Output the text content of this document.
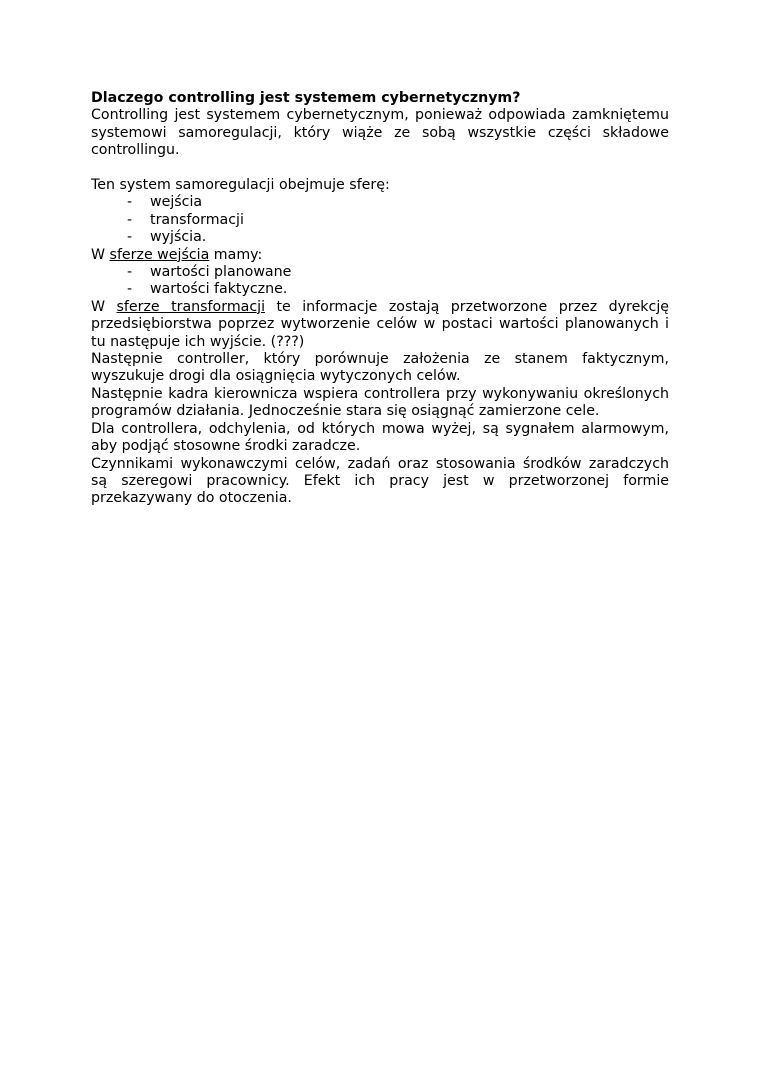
Dlaczego controlling jest systemem cybernetycznym?

Controlling jest systemem cybernetycznym, ponieważ odpowiada zamkniętemu systemowi samoregulacji, który wiąże ze sobą wszystkie części składowe controllingu.

Ten system samoregulacji obejmuje sferę:

- wejścia
- transformacji
- wyjścia.

W sferze wejścia mamy:

- wartości planowane
- wartości faktyczne.

W sferze transformacji te informacje zostają przetworzone przez dyrekcję przedsiębiorstwa poprzez wytworzenie celów w postaci wartości planowanych i tu następuje ich wyjście. (???)

Następnie controller, który porównuje założenia ze stanem faktycznym, wyszukuje drogi dla osiągnięcia wytyczonych celów.

Następnie kadra kierownicza wspiera controllera przy wykonywaniu określonych programów działania. Jednocześnie stara się osiągnąć zamierzone cele.

Dla controllera, odchylenia, od których mowa wyżej, są sygnałem alarmowym, aby podjąć stosowne środki zaradcze.

Czynnikami wykonawczymi celów, zadań oraz stosowania środków zaradczych są szeregowi pracownicy. Efekt ich pracy jest w przetworzonej formie przekazywany do otoczenia.
